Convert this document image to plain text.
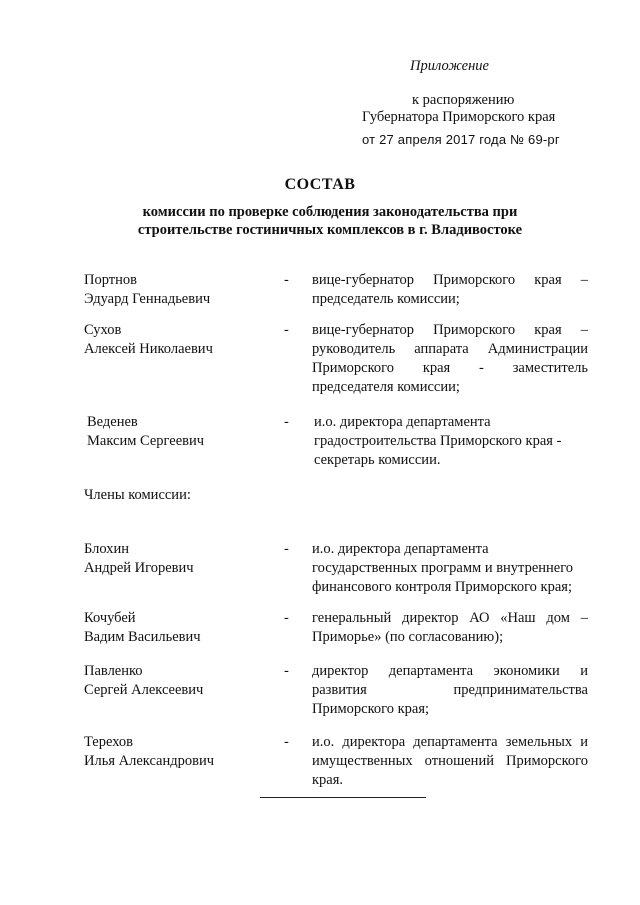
Приложение
к распоряжению
Губернатора Приморского края
от 27 апреля 2017 года № 69-рг
СОСТАВ
комиссии по проверке соблюдения законодательства при
строительстве гостиничных комплексов в г. Владивостоке
Портнов
Эдуард Геннадьевич
- вице-губернатор Приморского края – председатель комиссии;
Сухов
Алексей Николаевич
- вице-губернатор Приморского края – руководитель аппарата Администрации Приморского края - заместитель председателя комиссии;
Веденев
Максим Сергеевич
- и.о. директора департамента градостроительства Приморского края - секретарь комиссии.
Члены комиссии:
Блохин
Андрей Игоревич
- и.о. директора департамента государственных программ и внутреннего финансового контроля Приморского края;
Кочубей
Вадим Васильевич
- генеральный директор АО «Наш дом – Приморье» (по согласованию);
Павленко
Сергей Алексеевич
- директор департамента экономики и развития предпринимательства Приморского края;
Терехов
Илья Александрович
- и.о. директора департамента земельных и имущественных отношений Приморского края.
